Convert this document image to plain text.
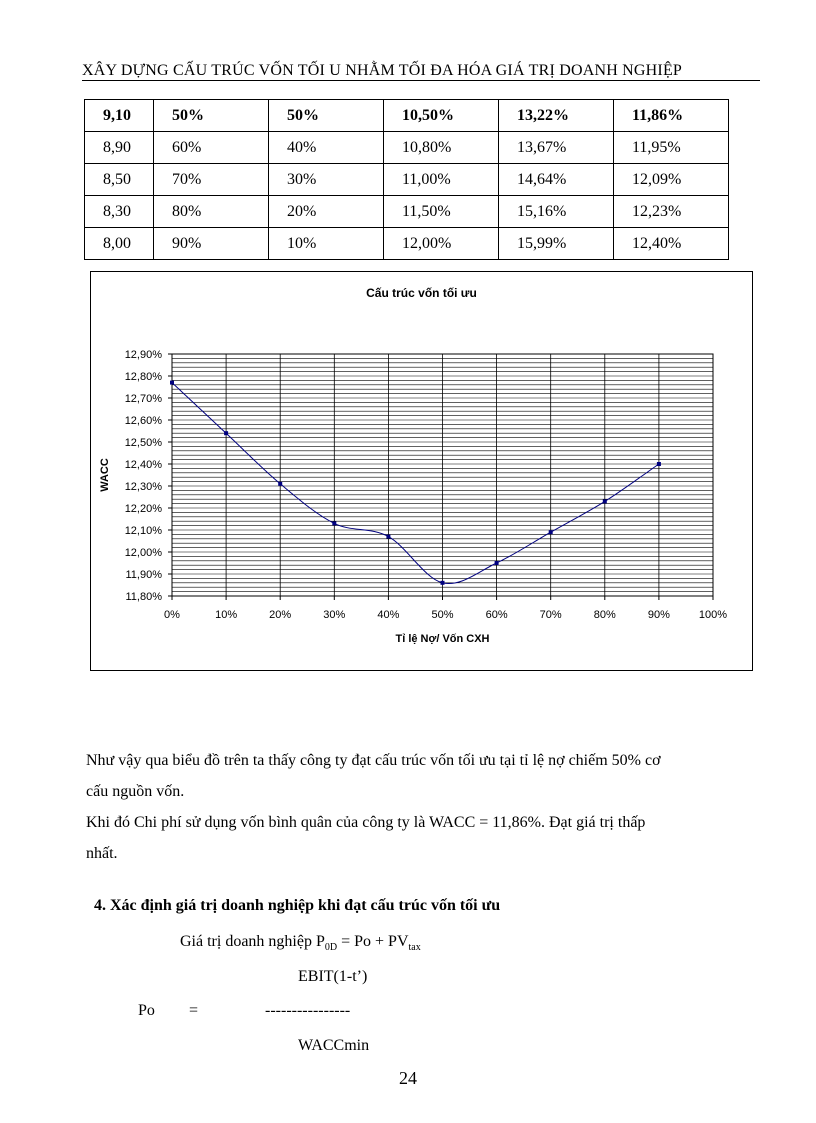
XÂY DỰNG CẤU TRÚC VỐN TỐI U NHẰM TỐI ĐA HÓA GIÁ TRỊ DOANH NGHIỆP
9,10	50%	50%	10,50%	13,22%	11,86%
8,90	60%	40%	10,80%	13,67%	11,95%
8,50	70%	30%	11,00%	14,64%	12,09%
8,30	80%	20%	11,50%	15,16%	12,23%
8,00	90%	10%	12,00%	15,99%	12,40%
Cấu trúc vốn tối ưu
0%	10%	20%	30%	40%	50%	60%	70%	80%	90%	100%
12,90%
12,80%
12,70%
12,60%
12,50%
12,40%
12,30%
12,20%
12,10%
12,00%
11,90%
11,80%
Tỉ lệ Nợ/ Vốn CXH
WACC
Như vậy qua biểu đồ trên ta thấy công ty đạt cấu trúc vốn tối ưu tại tỉ lệ nợ chiếm 50% cơ
cấu nguồn vốn.
Khi đó Chi phí sử dụng vốn bình quân của công ty là WACC = 11,86%. Đạt giá trị thấp
nhất.
4. Xác định giá trị doanh nghiệp khi đạt cấu trúc vốn tối ưu
Giá trị doanh nghiệp $P_{0D} = Po + PV_{tax}$
EBIT(1-t’)
Po =	----------------
WACCmin
24
